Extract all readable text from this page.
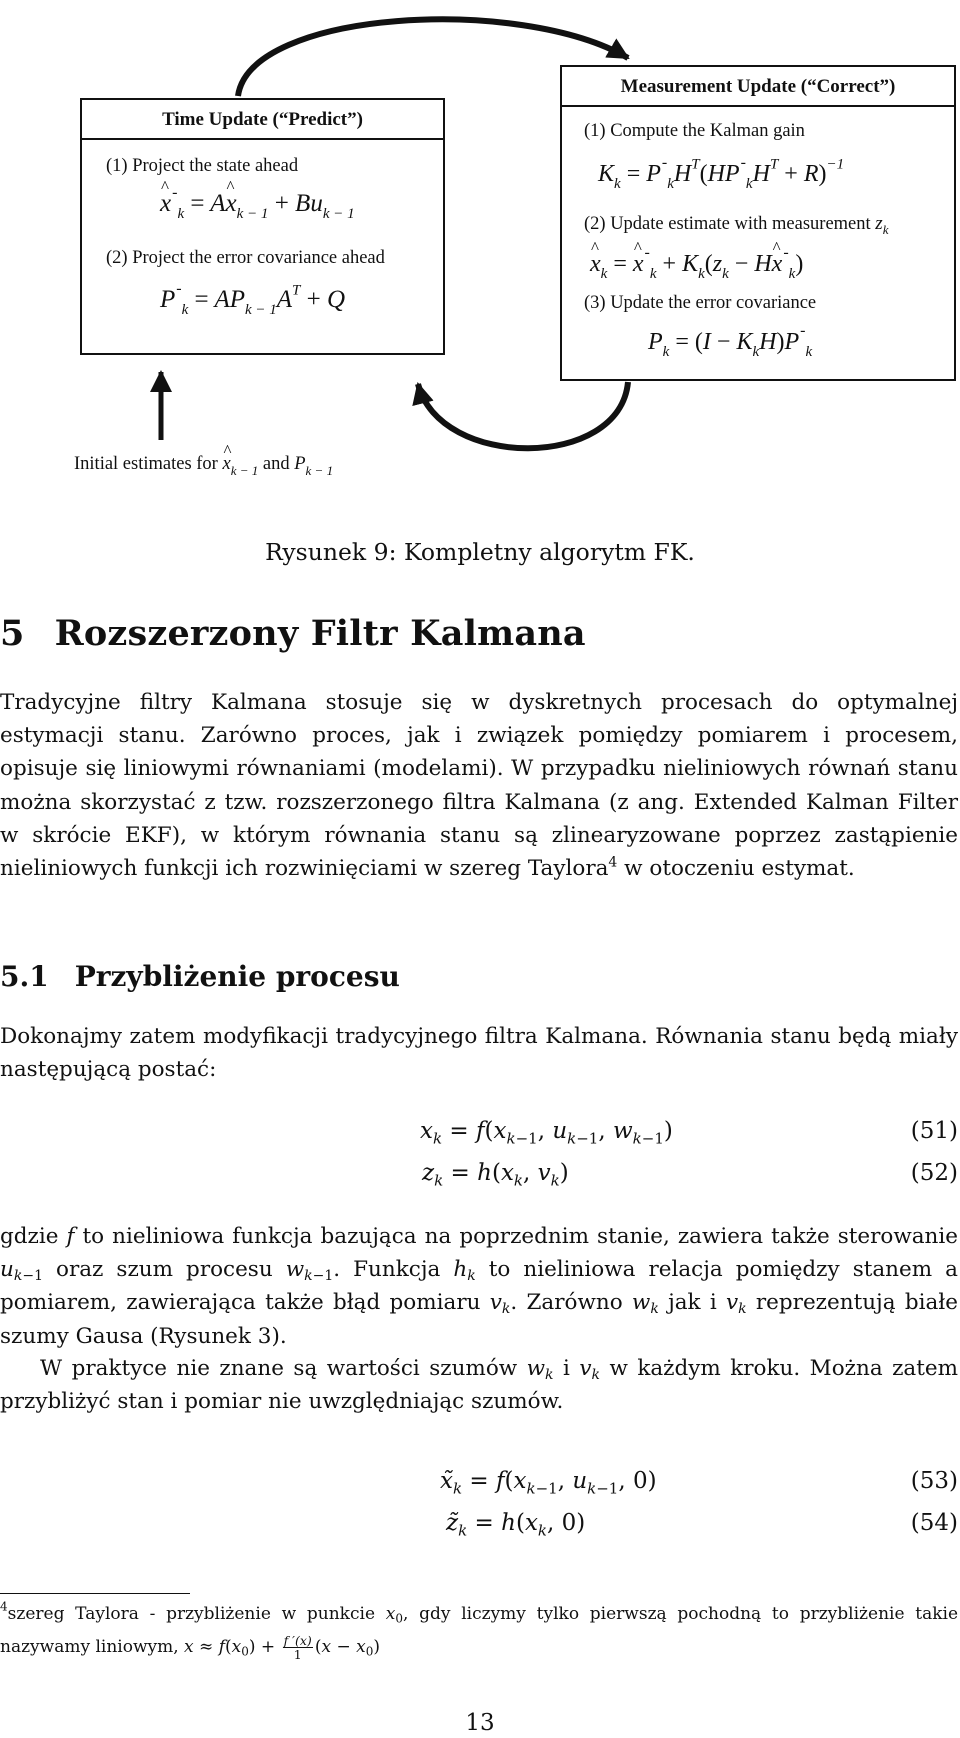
Time Update (“Predict”)
(1) Project the state ahead
^ $x^-_k$ = A^ $x_{k - 1} + Bu_{k - 1}$
(2) Project the error covariance ahead
$P^-_k = AP_{k - 1}A^T + Q$
Measurement Update (“Correct”)
(1) Compute the Kalman gain
$K_k = P^-_kH^T(HP^-_kH^T + R)^{-1}$
(2) Update estimate with measurement $z_k$
^ $x_k$ = ^ $x^-_k + K_k(z_k$ − H^ $x^-_k$)
(3) Update the error covariance
$P_k = (I - K_kH)P^-_k$
Initial estimates for ^ $x_{k - 1}$ and $P_{k - 1}$
Rysunek 9: Kompletny algorytm FK.
5 Rozszerzony Filtr Kalmana
Tradycyjne filtry Kalmana stosuje się w dyskretnych procesach do optymalnej estymacji stanu. Zarówno proces, jak i związek pomiędzy pomiarem i procesem, opisuje się liniowymi równaniami (modelami). W przypadku nieliniowych równań stanu można skorzystać z tzw. rozszerzonego filtra Kalmana (z ang. Extended Kalman Filter w skrócie EKF), w którym równania stanu są zlinearyzowane poprzez zastąpienie nieliniowych funkcji ich rozwinięciami w szereg Taylora$^4$ w otoczeniu estymat.
5.1 Przybliżenie procesu
Dokonajmy zatem modyfikacji tradycyjnego filtra Kalmana. Równania stanu będą miały następującą postać:
$x_k = f(x_{k-1}$, $u_{k-1}$, $w_{k-1}$)	(51)
$z_k = h(x_k$, $v_k$)	(52)
gdzie f to nieliniowa funkcja bazująca na poprzednim stanie, zawiera także sterowanie $u_{k-1}$ oraz szum procesu $w_{k-1}$. Funkcja $h_k$ to nieliniowa relacja pomiędzy stanem a pomiarem, zawierająca także błąd pomiaru $v_k$. Zarówno $w_k$ jak i $v_k$ reprezentują białe szumy Gausa (Rysunek 3).
W praktyce nie znane są wartości szumów $w_k$ i $v_k$ w każdym kroku. Można zatem przybliżyć stan i pomiar nie uwzględniając szumów.
$x̃_k = f(x_{k-1}$, $u_{k-1}$, 0)	(53)
$z̃_k = h(x_k$, 0)	(54)
$^4$szereg Taylora - przybliżenie w punkcie $x_0$, gdy liczymy tylko pierwszą pochodną to przybliżenie takie nazywamy liniowym, $x \approx f(x_0) + \frac{f '(x)}{1} (x - x_0)$
13
